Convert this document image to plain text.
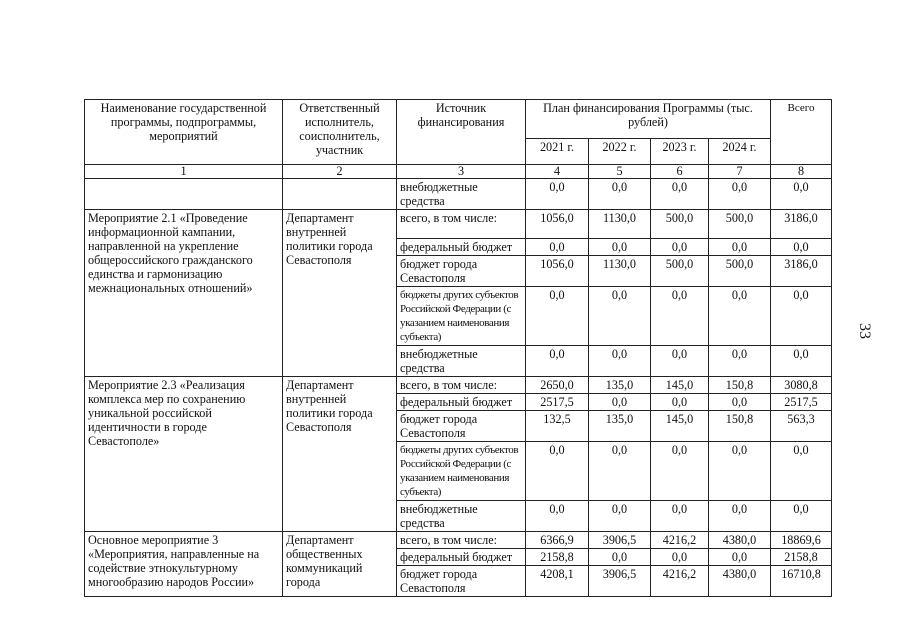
Наименование государственной программы, подпрограммы, мероприятий	Ответственный исполнитель, соисполнитель, участник	Источник финансирования	План финансирования Программы (тыс. рублей)				Всего
			2021 г.	2022 г.	2023 г.	2024 г.	
1	2	3	4	5	6	7	8
		внебюджетные средства	0,0	0,0	0,0	0,0	0,0
Мероприятие 2.1 «Проведение информационной кампании, направленной на укрепление общероссийского гражданского единства и гармонизацию межнациональных отношений»	Департамент внутренней политики города Севастополя	всего, в том числе:	1056,0	1130,0	500,0	500,0	3186,0
		федеральный бюджет	0,0	0,0	0,0	0,0	0,0
		бюджет города Севастополя	1056,0	1130,0	500,0	500,0	3186,0
		бюджеты других субъектов Российской Федерации (с указанием наименования субъекта)	0,0	0,0	0,0	0,0	0,0
		внебюджетные средства	0,0	0,0	0,0	0,0	0,0
Мероприятие 2.3 «Реализация комплекса мер по сохранению уникальной российской идентичности в городе Севастополе»	Департамент внутренней политики города Севастополя	всего, в том числе:	2650,0	135,0	145,0	150,8	3080,8
		федеральный бюджет	2517,5	0,0	0,0	0,0	2517,5
		бюджет города Севастополя	132,5	135,0	145,0	150,8	563,3
		бюджеты других субъектов Российской Федерации (с указанием наименования субъекта)	0,0	0,0	0,0	0,0	0,0
		внебюджетные средства	0,0	0,0	0,0	0,0	0,0
Основное мероприятие 3 «Мероприятия, направленные на содействие этнокультурному многообразию народов России»	Департамент общественных коммуникаций города	всего, в том числе:	6366,9	3906,5	4216,2	4380,0	18869,6
		федеральный бюджет	2158,8	0,0	0,0	0,0	2158,8
		бюджет города Севастополя	4208,1	3906,5	4216,2	4380,0	16710,8
33
